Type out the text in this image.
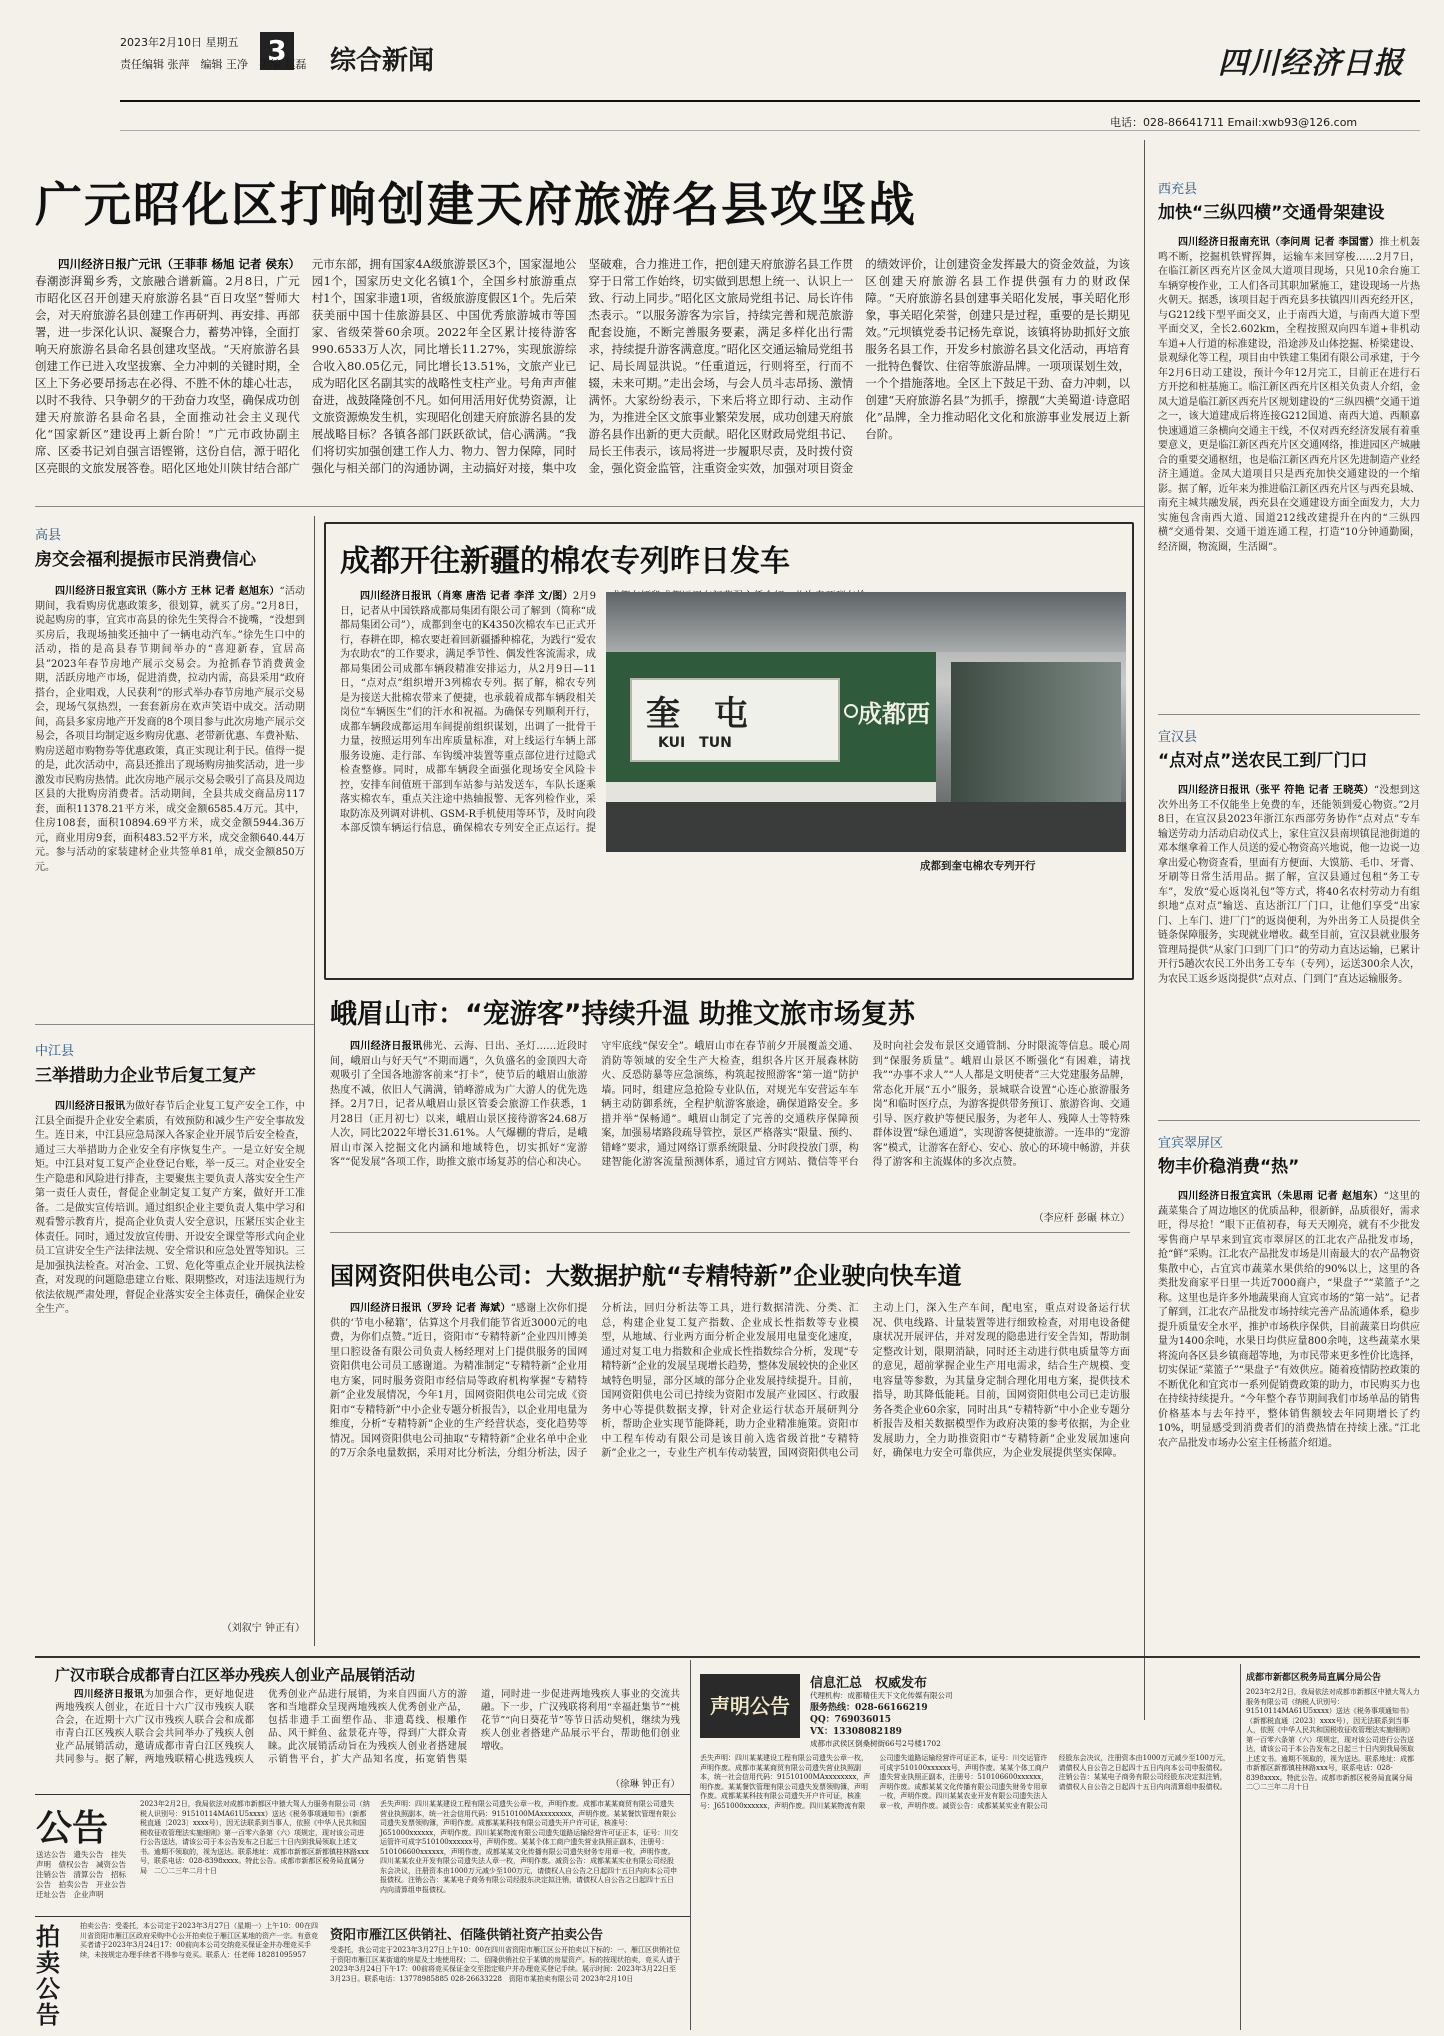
3
2023年2月10日 星期五
责任编辑 张萍　编辑 王净　美编 赵磊 综合新闻	四川经济日报
电话：028-86641711 Email:xwb93@126.com
广元昭化区打响创建天府旅游名县攻坚战
四川经济日报广元讯（王菲菲 杨旭 记者 侯东）春潮澎湃蜀乡秀，文旅融合谱新篇。2月8日，广元市昭化区召开创建天府旅游名县“百日攻坚”誓师大会，对天府旅游名县创建工作再研判、再安排、再部署，进一步深化认识、凝聚合力，蓄势冲锋，全面打响天府旅游名县命名县创建攻坚战。“天府旅游名县创建工作已进入攻坚拔寨、全力冲刺的关键时期，全区上下务必要昂扬志在必得、不胜不休的雄心壮志，以时不我待、只争朝夕的干劲奋力攻坚，确保成功创建天府旅游名县命名县，全面推动社会主义现代化“国家新区”建设再上新台阶！”广元市政协副主席、区委书记刘自强言语铿锵，这份自信，源于昭化区亮眼的文旅发展答卷。昭化区地处川陕甘结合部广元市东部，拥有国家4A级旅游景区3个，国家湿地公园1个，国家历史文化名镇1个，全国乡村旅游重点村1个，国家非遗1项，省级旅游度假区1个。先后荣获美丽中国十佳旅游县区、中国优秀旅游城市等国家、省级荣誉60余项。2022年全区累计接待游客990.6533万人次，同比增长11.27%，实现旅游综合收入80.05亿元，同比增长13.51%，文旅产业已成为昭化区名副其实的战略性支柱产业。号角声声催奋进，战鼓隆隆创不凡。如何用活用好优势资源，让文旅资源焕发生机，实现昭化创建天府旅游名县的发展战略目标？各镇各部门跃跃欲试，信心满满。“我们将切实加强创建工作人力、物力、智力保障，同时强化与相关部门的沟通协调，主动搞好对接，集中攻坚破难，合力推进工作，把创建天府旅游名县工作贯穿于日常工作始终，切实做到思想上统一、认识上一致、行动上同步。”昭化区文旅局党组书记、局长许伟杰表示。“以服务游客为宗旨，持续完善和规范旅游配套设施，不断完善服务要素，满足多样化出行需求，持续提升游客满意度。”昭化区交通运输局党组书记、局长周显洪说。“任重道远，行则将至，行而不辍，未来可期。”走出会场，与会人员斗志昂扬、激情满怀。大家纷纷表示，下来后将立即行动、主动作为，为推进全区文旅事业繁荣发展，成功创建天府旅游名县作出新的更大贡献。昭化区财政局党组书记、局长王伟表示，该局将进一步履职尽责，及时拨付资金，强化资金监管，注重资金实效，加强对项目资金的绩效评价，让创建资金发挥最大的资金效益，为该区创建天府旅游名县工作提供强有力的财政保障。“天府旅游名县创建事关昭化发展，事关昭化形象，事关昭化荣誉，创建只是过程，重要的是长期见效。”元坝镇党委书记杨先章说，该镇将协助抓好文旅服务名县工作，开发乡村旅游名县文化活动，再培育一批特色餐饮、住宿等旅游品牌。一项项谋划生效，一个个措施落地。全区上下鼓足干劲、奋力冲刺，以创建“天府旅游名县”为抓手，擦靓“大美蜀道·诗意昭化”品牌，全力推动昭化文化和旅游事业发展迈上新台阶。
高县
房交会福利提振市民消费信心
四川经济日报宜宾讯（陈小方 王林 记者 赵旭东）“活动期间，我看购房优惠政策多，很划算，就买了房。”2月8日，说起购房的事，宜宾市高县的徐先生笑得合不拢嘴，“没想到买房后，我现场抽奖还抽中了一辆电动汽车。”徐先生口中的活动，指的是高县春节期间举办的“喜迎新春，宜居高县”2023年春节房地产展示交易会。为抢抓春节消费黄金期，活跃房地产市场，促进消费，拉动内需，高县采用“政府搭台，企业唱戏，人民获利”的形式举办春节房地产展示交易会，现场气氛热烈，一套套新房在欢声笑语中成交。活动期间，高县多家房地产开发商的8个项目参与此次房地产展示交易会，各项目均制定返乡购房优惠、老带新优惠、车费补贴、购房送超市购物券等优惠政策，真正实现让利于民。值得一提的是，此次活动中，高县还推出了现场购房抽奖活动，进一步激发市民购房热情。此次房地产展示交易会吸引了高县及周边区县的大批购房消费者。活动期间，全县共成交商品房117套，面积11378.21平方米，成交金额6585.4万元。其中，住房108套，面积10894.69平方米，成交金额5944.36万元，商业用房9套，面积483.52平方米，成交金额640.44万元。参与活动的家装建材企业共签单81单，成交金额850万元。
中江县
三举措助力企业节后复工复产
四川经济日报讯为做好春节后企业复工复产安全工作，中江县全面提升企业安全素质，有效预防和减少生产安全事故发生。连日来，中江县应急局深入各家企业开展节后安全检查，通过三大举措助力企业安全有序恢复生产。一是立好安全规矩。中江县对复工复产企业登记台账，举一反三。对企业安全生产隐患和风险进行排查，主要聚焦主要负责人落实安全生产第一责任人责任，督促企业制定复工复产方案，做好开工准备。二是做实宣传培训。通过组织企业主要负责人集中学习和观看警示教育片，提高企业负责人安全意识，压紧压实企业主体责任。同时，通过发放宣传册、开设安全课堂等形式向企业员工宣讲安全生产法律法规、安全常识和应急处置等知识。三是加强执法检查。对冶金、工贸、危化等重点企业开展执法检查，对发现的问题隐患建立台账、限期整改，对违法违规行为依法依规严肃处理，督促企业落实安全主体责任，确保企业安全生产。
（刘叙宁 钟正有）
成都开往新疆的棉农专列昨日发车
四川经济日报讯（肖寒 唐浩 记者 李洋 文/图）2月9日，记者从中国铁路成都局集团有限公司了解到（简称“成都局集团公司”），成都到奎屯的K4350次棉农车已正式开行，春耕在即，棉农要赶着回新疆播种棉花，为践行“爱农为农助农”的工作要求，满足季节性、偶发性客流需求，成都局集团公司成都车辆段精准安排运力，从2月9日—11日，“点对点”组织增开3列棉农专列。据了解，棉农专列是为接送大批棉农带来了便捷，也承载着成都车辆段相关岗位“车辆医生”们的汗水和祝福。为确保专列顺利开行，成都车辆段成都运用车间提前组织谋划，出调了一批骨干力量，按照运用列车出库质量标准，对上线运行车辆上部服务设施、走行部、车钩缓冲装置等重点部位进行过隐式检查整修。同时，成都车辆段全面强化现场安全风险卡控，安排车间值班干部到车站参与站发送车，车队长逐乘落实棉农车，重点关注途中热轴报警、无客列检作业，采取防冻及列调对讲机、GSM-R手机使用等环节，及时向段本部反馈车辆运行信息，确保棉农专列安全正点运行。提
奎　屯
KUI　TUN
成都西
成都到奎屯棉农专列开行
峨眉山市：“宠游客”持续升温 助推文旅市场复苏
四川经济日报讯佛光、云海、日出、圣灯……近段时间，峨眉山与好天气“不期而遇”，久负盛名的金顶四大奇观吸引了全国各地游客前来“打卡”，使节后的峨眉山旅游热度不减，依旧人气满满，销峰游成为广大游人的优先选择。2月7日，记者从峨眉山景区管委会旅游工作获悉，1月28日（正月初七）以来，峨眉山景区接待游客24.68万人次，同比2022年增长31.61%。人气爆棚的背后，是峨眉山市深入挖掘文化内涵和地域特色，切实抓好“宠游客”“促发展”各项工作，助推文旅市场复苏的信心和决心。守牢底线“保安全”。峨眉山市在春节前夕开展覆盖交通、消防等领域的安全生产大检查，组织各片区开展森林防火、反恐防暴等应急演练，构筑起按照游客“第一道”防护墙。同时，组建应急抢险专业队伍，对规光车安营运车车辆主动防御系统，全程护航游客旅途，确保道路安全。多措并举“保畅通”。峨眉山制定了完善的交通秩序保障预案，加强易堵路段疏导管控，景区严格落实“限量、预约、错峰”要求，通过网络订票系统限量、分时段投放门票，构建智能化游客流量预测体系，通过官方网站、微信等平台及时向社会发布景区交通管制、分时限流等信息。暖心周到“保服务质量”。峨眉山景区不断强化“有困难，请找我”“办事不求人”“人人都是文明使者”三大党建服务品牌，常态化开展“五小”服务，景城联合设置“心连心旅游服务岗”和临时医疗点，为游客提供带务预订、旅游咨询、交通引导、医疗救护等便民服务，为老年人、残障人士等特殊群体设置“绿色通道”，实现游客便捷旅游。一连串的“宠游客”模式，让游客在舒心、安心、放心的环境中畅游，并获得了游客和主流媒体的多次点赞。
（李应杆 彭碾 林立）
国网资阳供电公司：大数据护航“专精特新”企业驶向快车道
四川经济日报讯（罗玲 记者 海斌）“感谢上次你们提供的‘节电小秘籍’，估算这个月我们能节省近3000元的电费，为你们点赞。”近日，资阳市“专精特新”企业四川博美里口腔设备有限公司负责人杨经理对上门提供服务的国网资阳供电公司员工感谢道。为精准制定“专精特新”企业用电方案，同时服务资阳市经信局等政府机构掌握“专精特新”企业发展情况，今年1月，国网资阳供电公司完成《资阳市“专精特新”中小企业专题分析报告》，以企业用电量为维度，分析“专精特新”企业的生产经营状态，变化趋势等情况。国网资阳供电公司抽取“专精特新”企业名单中企业的7万余条电量数据，采用对比分析法，分组分析法，因子分析法，回归分析法等工具，进行数据清洗、分类、汇总，构建企业复工复产指数、企业成长性指数等专业模型，从地域、行业两方面分析企业发展用电量变化速度，通过对复工电力指数和企业成长性指数综合分析，发现“专精特新”企业的发展呈现增长趋势，整体发展较快的企业区域特色明显，部分区域的部分企业发展持续提升。目前，国网资阳供电公司已持续为资阳市发展产业园区、行政服务中心等提供数据支撑，针对企业运行状态开展研判分析，帮助企业实现节能降耗，助力企业精准施策。资阳市中工程车传动有限公司是该目前入选省级首批“专精特新”企业之一，专业生产机车传动装置，国网资阳供电公司主动上门，深入生产车间，配电室，重点对设备运行状况、供电线路、计量装置等进行细致检查，对用电设备健康状况开展评估，并对发现的隐患进行安全告知，帮助制定整改计划，限期消缺，同时还主动进行供电质量等方面的意见，超前掌握企业生产用电需求，结合生产规模、变电容量等参数，为其量身定制合理化用电方案，提供技术指导，助其降低能耗。目前，国网资阳供电公司已走访服务各类企业60余家，同时出具“专精特新”中小企业专题分析报告及相关数据模型作为政府决策的参考依据，为企业发展助力，全力助推资阳市“专精特新”企业发展加速向好，确保电力安全可靠供应，为企业发展提供坚实保障。
西充县
加快“三纵四横”交通骨架建设
四川经济日报南充讯（李问周 记者 李国雷）推土机轰鸣不断，挖掘机铁臂挥舞，运输车来回穿梭……2月7日，在临江新区西充片区金凤大道项目现场，只见10余台施工车辆穿梭作业，工人们各司其职加紧施工，建设现场一片热火朝天。据悉，该项目起于西充县多扶镇四川西充经开区，与G212线下型平面交叉，止于南西大道，与南西大道下型平面交叉，全长2.602km，全程按照双向四车道+非机动车道+人行道的标准建设，沿途涉及山体挖掘、桥梁建设、景观绿化等工程，项目由中铁建工集团有限公司承建，于今年2月6日动工建设，预计今年12月完工，目前正在进行石方开挖和桩基施工。临江新区西充片区相关负责人介绍，金凤大道是临江新区西充片区规划建设的“三纵四横”交通干道之一，该大道建成后将连接G212国道、南西大道、西顺嘉快速通道三条横向交通主干线，不仅对西充经济发展有着重要意义，更是临江新区西充片区交通网络，推进园区产城融合的重要交通枢纽，也是临江新区西充片区先进制造产业经济主通道。金凤大道项目只是西充加快交通建设的一个缩影。据了解，近年来为推进临江新区西充片区与西充县城、南充主城共融发展，西充县在交通建设方面全面发力，大力实施包含南西大道、国道212线改建提升在内的“三纵四横”交通骨架、交通干道连通工程，打造“10分钟通勤圈，经济圈，物流圈，生活圈”。
宣汉县
“点对点”送农民工到厂门口
四川经济日报讯（张平 符艳 记者 王晓英）“没想到这次外出务工不仅能坐上免费的车，还能领到爱心物资。”2月8日，在宣汉县2023年浙江东西部劳务协作“点对点”专车输送劳动力活动启动仪式上，家住宣汉县南坝镇昆池街道的邓本继拿着工作人员送的爱心物资高兴地说，他一边说一边拿出爱心物资查看，里面有方便面、大馍筋、毛巾、牙膏、牙刷等日常生活用品。据了解，宣汉县通过包租“务工专车”，发放“爱心返岗礼包”等方式，将40名农村劳动力有组织地“点对点”输送、直达浙江厂门口，让他们享受“出家门、上车门、进厂门”的返岗便利，为外出务工人员提供全链条保障服务，实现就业增收。截至目前，宣汉县就业服务管理局提供“从家门口到厂门口”的劳动力直达运输，已累计开行5趟次农民工外出务工专车（专列），运送300余人次，为农民工返乡返岗提供“点对点、门到门”直达运输服务。
宜宾翠屏区
物丰价稳消费“热”
四川经济日报宜宾讯（朱思雨 记者 赵旭东）“这里的蔬菜集合了周边地区的优质品种，很新鲜，品质很好，需求旺，得尽抢！”眼下正值初春，每天天刚亮，就有不少批发零售商户早早来到宜宾市翠屏区的江北农产品批发市场，抢“鲜”采购。江北农产品批发市场是川南最大的农产品物资集散中心，占宜宾市蔬菜水果供给的90%以上，这里的各类批发商家平日里一共近7000商户，“果盘子”“菜篮子”之称。这里也是许多外地蔬果商人宜宾市场的“第一站”。记者了解到，江北农产品批发市场持续完善产品流通体系，稳步提升质量安全水平，推护市场秩序保供，目前蔬菜日均供应量为1400余吨，水果日均供应量800余吨，这些蔬菜水果将流向各区县乡镇商超等地，为市民带来更多性价比选择，切实保证“菜篮子”“果盘子”有效供应。随着疫情防控政策的不断优化和宜宾市一系列促销费政策的助力，市民购买力也在持续持续提升。“今年整个春节期间我们市场单品的销售价格基本与去年持平，整体销售额较去年同期增长了约10%，明显感受到消费者们的消费热情在持续上涨。”江北农产品批发市场办公室主任杨蓝介绍道。
广汉市联合成都青白江区举办残疾人创业产品展销活动
四川经济日报讯为加强合作，更好地促进两地残疾人创业，在近日十六广汉市残疾人联合会，在近期十六广汉市残疾人联合会和成都市青白江区残疾人联合会共同举办了残疾人创业产品展销活动，邀请成都市青白江区残疾人共同参与。据了解，两地残联精心挑选残疾人优秀创业产品进行展销，为来自四面八方的游客和当地群众呈现两地残疾人优秀创业产品，包括非遗手工面塑作品、非遗葛线、根雕作品、风干鲜鱼、盆景花卉等，得到广大群众青睐。此次展销活动旨在为残疾人创业者搭建展示销售平台，扩大产品知名度，拓宽销售渠道，同时进一步促进两地残疾人事业的交流共融。下一步，广汉残联将利用“幸福赶集节”“桃花节”“向日葵花节”等节日活动契机，继续为残疾人创业者搭建产品展示平台，帮助他们创业增收。
（徐琳 钟正有）
公告
送达公告　遗失公告　挂失声明　债权公告　减资公告　注销公告　清算公告　招标公告　拍卖公告　开业公告　迁址公告　企业声明
2023年2月2日，我局依法对成都市新都区中猿大驾人力服务有限公司（纳税人识别号：91510114MA61U5xxxx）送达《税务事项通知书》（新都税直通〔2023〕xxxx号），因无法联系到当事人，依照《中华人民共和国税收征收管理法实施细则》第一百零六条第（六）项规定，现对该公司进行公告送达，请该公司于本公告发布之日起三十日内到我局领取上述文书。逾期不领取的，视为送达。联系地址：成都市新都区新都镇桂林路xxx号，联系电话：028-8398xxxx。特此公告。成都市新都区税务局直属分局　二〇二三年二月十日
丢失声明：四川某某建设工程有限公司遗失公章一枚，声明作废。成都市某某商贸有限公司遗失营业执照副本，统一社会信用代码：91510100MAxxxxxxxx，声明作废。某某餐饮管理有限公司遗失发票领购簿，声明作废。成都某某科技有限公司遗失开户许可证，核准号：J651000xxxxxx，声明作废。四川某某物流有限公司遗失道路运输经营许可证正本，证号：川交运管许可成字510100xxxxxx号，声明作废。某某个体工商户遗失营业执照正副本，注册号：510106600xxxxxx，声明作废。成都某某文化传播有限公司遗失财务专用章一枚，声明作废。四川某某农业开发有限公司遗失法人章一枚，声明作废。减资公告：成都某某实业有限公司经股东会决议，注册资本由1000万元减少至100万元，请债权人自公告之日起四十五日内向本公司申报债权。注销公告：某某电子商务有限公司经股东决定拟注销，请债权人自公告之日起四十五日内向清算组申报债权。
拍卖公告
拍卖公告：受委托，本公司定于2023年3月27日（星期一）上午10：00在四川省资阳市雁江区政府采购中心公开拍卖位于雁江区某地的资产一宗。有意竞买者请于2023年3月24日17：00前向本公司交纳竞买保证金并办理竞买手续，未按规定办理手续者不得参与竞买。联系人：任老师 18281095957
资阳市雁江区供销社、佰隆供销社资产拍卖公告
受委托，我公司定于2023年3月27日上午10：00在四川省资阳市雁江区公开拍卖以下标的：一、雁江区供销社位于资阳市雁江区某街道的房屋及土地使用权；二、佰隆供销社位于某镇的房屋资产。标的按现状拍卖，竞买人请于2023年3月24日下午17：00前将竞买保证金交至指定账户并办理竞买登记手续。展示时间：2023年3月22日至3月23日。联系电话：13778985885 028-26633228　资阳市某拍卖有限公司 2023年2月10日
声明公告
信息汇总　权威发布
代理机构：成都精佳天下文化传媒有限公司
服务热线：028-66166219
QQ：769036015
VX：13308082189
成都市武侯区倒桑树街66号2号楼1702
丢失声明：四川某某建设工程有限公司遗失公章一枚，声明作废。成都市某某商贸有限公司遗失营业执照副本，统一社会信用代码：91510100MAxxxxxxxx，声明作废。某某餐饮管理有限公司遗失发票领购簿，声明作废。成都某某科技有限公司遗失开户许可证，核准号：J651000xxxxxx，声明作废。四川某某物流有限公司遗失道路运输经营许可证正本，证号：川交运管许可成字510100xxxxxx号，声明作废。某某个体工商户遗失营业执照正副本，注册号：510106600xxxxxx，声明作废。成都某某文化传播有限公司遗失财务专用章一枚，声明作废。四川某某农业开发有限公司遗失法人章一枚，声明作废。减资公告：成都某某实业有限公司经股东会决议，注册资本由1000万元减少至100万元，请债权人自公告之日起四十五日内向本公司申报债权。注销公告：某某电子商务有限公司经股东决定拟注销，请债权人自公告之日起四十五日内向清算组申报债权。
成都市新都区税务局直属分局公告
2023年2月2日，我局依法对成都市新都区中猿大驾人力服务有限公司（纳税人识别号：91510114MA61U5xxxx）送达《税务事项通知书》（新都税直通〔2023〕xxxx号），因无法联系到当事人，依照《中华人民共和国税收征收管理法实施细则》第一百零六条第（六）项规定，现对该公司进行公告送达，请该公司于本公告发布之日起三十日内到我局领取上述文书。逾期不领取的，视为送达。联系地址：成都市新都区新都镇桂林路xxx号，联系电话：028-8398xxxx。特此公告。成都市新都区税务局直属分局　二〇二三年二月十日
